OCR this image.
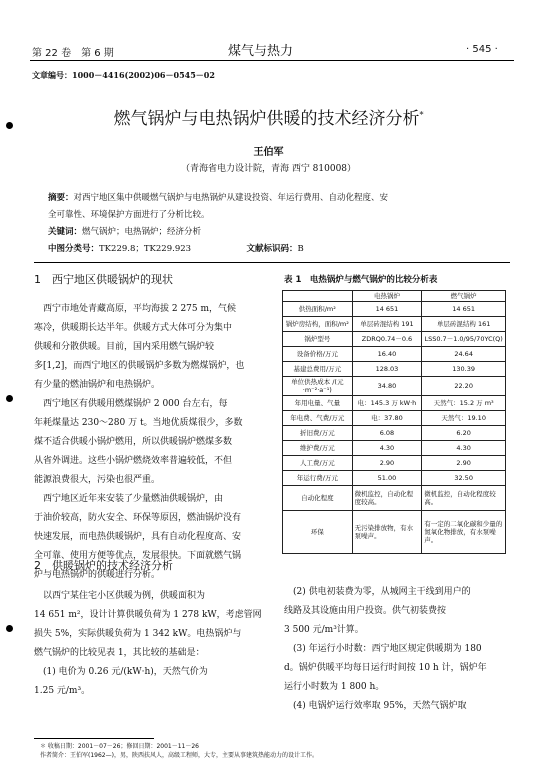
第 22 卷　第 6 期	煤气与热力	· 545 ·
文章编号：1000－4416(2002)06－0545－02
燃气锅炉与电热锅炉供暖的技术经济分析*
王伯军
（青海省电力设计院，青海 西宁 810008）
摘要：对西宁地区集中供暖燃气锅炉与电热锅炉从建设投资、年运行费用、自动化程度、安
全可靠性、环境保护方面进行了分析比较。
关键词：燃气锅炉；电热锅炉；经济分析
中图分类号：TK229.8；TK229.923	文献标识码：B
1　西宁地区供暖锅炉的现状
　西宁市地处青藏高原，平均海拔 2 275 m，气候
寒冷，供暖期长达半年。供暖方式大体可分为集中
供暖和分散供暖。目前，国内采用燃气锅炉较
多[1,2]，而西宁地区的供暖锅炉多数为燃煤锅炉，也
有少量的燃油锅炉和电热锅炉。
　西宁地区有供暖用燃煤锅炉 2 000 台左右，每
年耗煤量达 230～280 万 t。当地优质煤很少，多数
煤不适合供暖小锅炉燃用，所以供暖锅炉燃煤多数
从省外调进。这些小锅炉燃烧效率普遍较低，不但
能源浪费很大，污染也很严重。
　西宁地区近年来安装了少量燃油供暖锅炉，由
于油价较高，防火安全、环保等原因，燃油锅炉没有
快速发展，而电热供暖锅炉，具有自动化程度高、安
全可靠、使用方便等优点，发展很快。下面就燃气锅
炉与电热锅炉的供暖进行分析。
2　供暖锅炉的技术经济分析
　以西宁某住宅小区供暖为例，供暖面积为
14 651 m²，设计计算供暖负荷为 1 278 kW，考虑管网
损失 5%，实际供暖负荷为 1 342 kW。电热锅炉与
燃气锅炉的比较见表 1，其比较的基础是：
　(1) 电价为 0.26 元/(kW·h)，天然气价为
1.25 元/m³。
表 1　电热锅炉与燃气锅炉的比较分析表
	电热锅炉	燃气锅炉
供热面积/m²	14 651	14 651
锅炉房结构，面积/m²	单层砖混结构 191	单层砖混结构 161
锅炉型号	ZDRQ0.74－0.6	LSS0.7－1.0/95/70YC(Q)
设备价格/万元	16.40	24.64
基建总费用/万元	128.03	130.39
单位供热成本 /(元·m⁻²·a⁻¹)	34.80	22.20
年用电量、气量	电：145.3 万 kW·h	天然气：15.2 万 m³
年电费、气费/万元	电：37.80	天然气：19.10
折旧费/万元	6.08	6.20
维护费/万元	4.30	4.30
人工费/万元	2.90	2.90
年运行费/万元	51.00	32.50
自动化程度	微机监控，自动化程度较高。	微机监控，自动化程度较高。
环保	无污染排放物，有水泵噪声。	有一定的二氧化碳和少量的氮氧化物排放，有水泵噪声。
　(2) 供电初装费为零，从城网主干线到用户的
线路及其设施由用户投资。供气初装费按
3 500 元/m³计算。
　(3) 年运行小时数：西宁地区规定供暖期为 180
d。锅炉供暖平均每日运行时间按 10 h 计，锅炉年
运行小时数为 1 800 h。
　(4) 电锅炉运行效率取 95%，天然气锅炉取
＊ 收稿日期：2001－07－26；修回日期：2001－11－26
作者简介：王伯军(1962—)，男，陕西扶风人，高级工程师，大专，主要从事建筑热能动力的设计工作。
